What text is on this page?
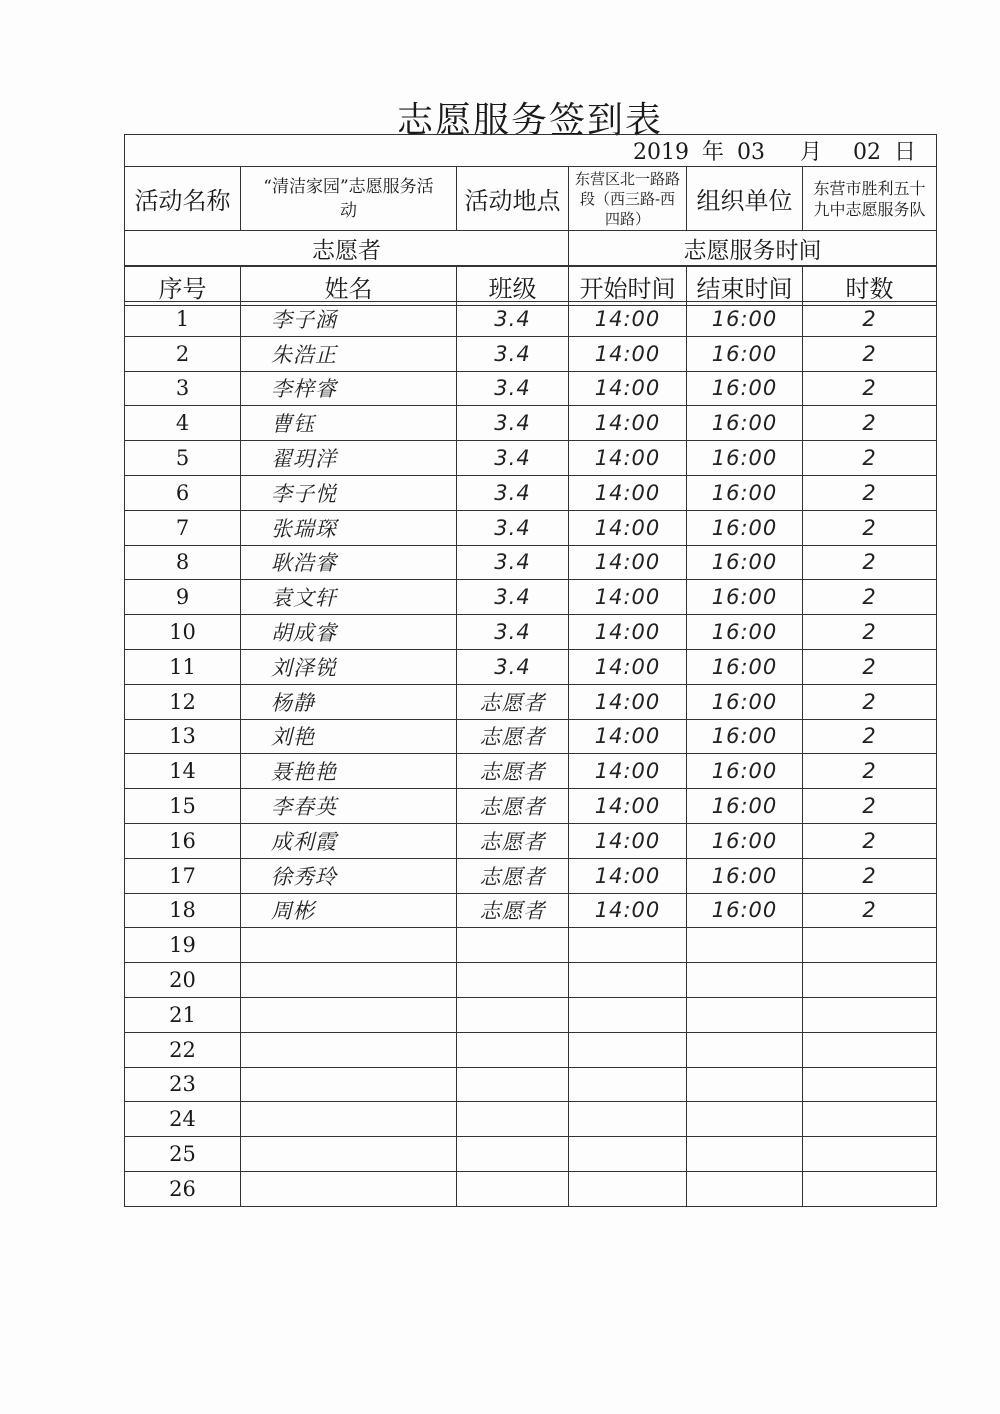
志愿服务签到表
2019 年 03 月 02 日					
活动名称	“清洁家园”志愿服务活动	活动地点	东营区北一路路段（西三路-西四路）	组织单位	东营市胜利五十九中志愿服务队
志愿者			志愿服务时间		
序号	姓名	班级	开始时间	结束时间	时数
1	李子涵	3.4	14:00	16:00	2
2	朱浩正	3.4	14:00	16:00	2
3	李梓睿	3.4	14:00	16:00	2
4	曹钰	3.4	14:00	16:00	2
5	翟玥洋	3.4	14:00	16:00	2
6	李子悦	3.4	14:00	16:00	2
7	张瑞琛	3.4	14:00	16:00	2
8	耿浩睿	3.4	14:00	16:00	2
9	袁文轩	3.4	14:00	16:00	2
10	胡成睿	3.4	14:00	16:00	2
11	刘泽锐	3.4	14:00	16:00	2
12	杨静	志愿者	14:00	16:00	2
13	刘艳	志愿者	14:00	16:00	2
14	聂艳艳	志愿者	14:00	16:00	2
15	李春英	志愿者	14:00	16:00	2
16	成利霞	志愿者	14:00	16:00	2
17	徐秀玲	志愿者	14:00	16:00	2
18	周彬	志愿者	14:00	16:00	2
19					
20					
21					
22					
23					
24					
25					
26					
